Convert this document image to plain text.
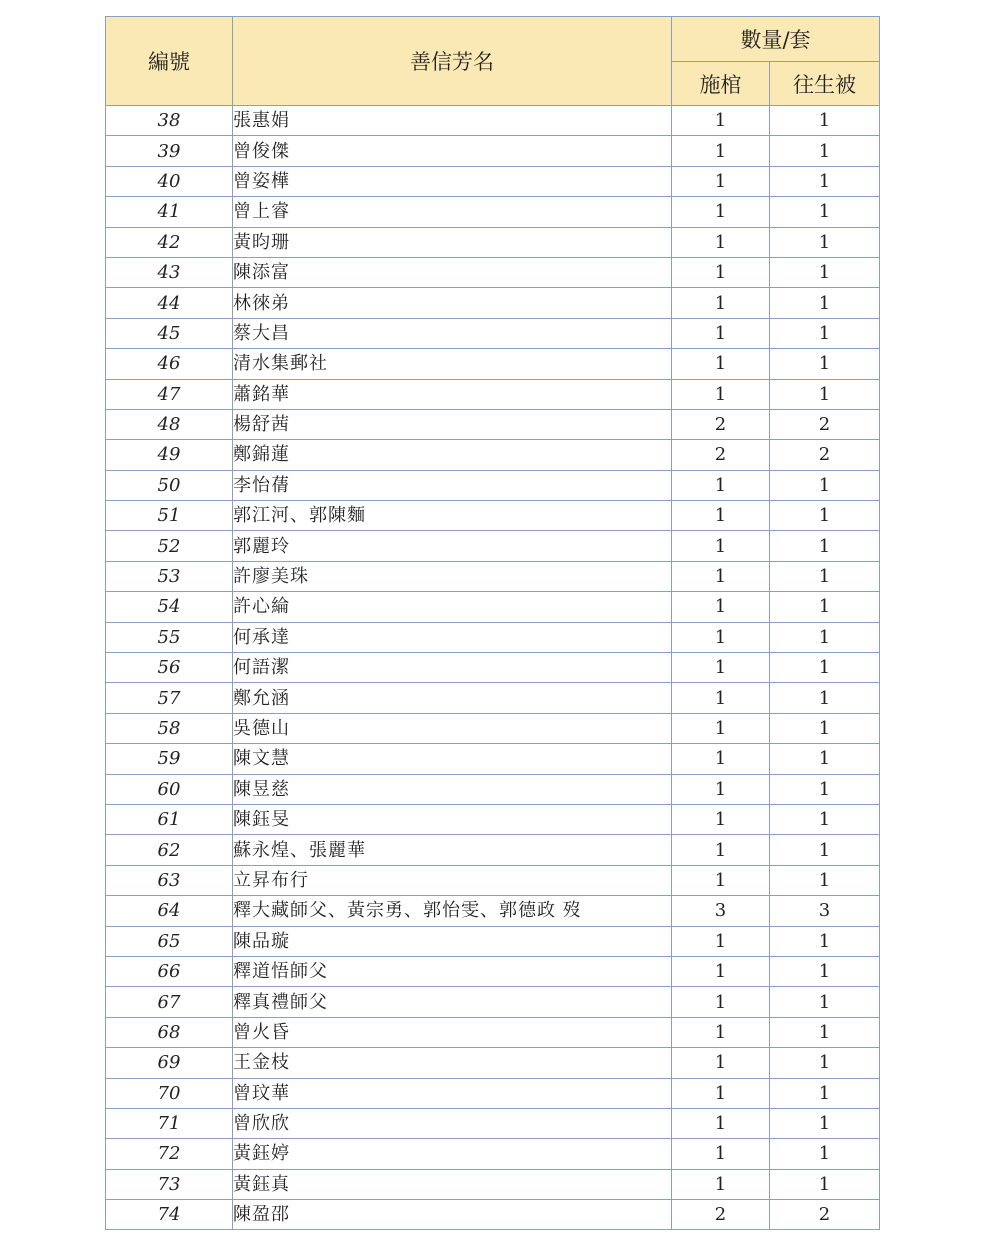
編號	善信芳名	數量/套	
		施棺	往生被
38	張惠娟	1	1
39	曾俊傑	1	1
40	曾姿樺	1	1
41	曾上睿	1	1
42	黃昀珊	1	1
43	陳添富	1	1
44	林徠弟	1	1
45	蔡大昌	1	1
46	清水集郵社	1	1
47	蕭銘華	1	1
48	楊舒茜	2	2
49	鄭錦蓮	2	2
50	李怡蒨	1	1
51	郭江河、郭陳麵	1	1
52	郭麗玲	1	1
53	許廖美珠	1	1
54	許心綸	1	1
55	何承達	1	1
56	何語潔	1	1
57	鄭允涵	1	1
58	吳德山	1	1
59	陳文慧	1	1
60	陳昱慈	1	1
61	陳鈺旻	1	1
62	蘇永煌、張麗華	1	1
63	立昇布行	1	1
64	釋大藏師父、黃宗勇、郭怡雯、郭德政 歿	3	3
65	陳品璇	1	1
66	釋道悟師父	1	1
67	釋真禮師父	1	1
68	曾火昏	1	1
69	王金枝	1	1
70	曾玟華	1	1
71	曾欣欣	1	1
72	黃鈺婷	1	1
73	黃鈺真	1	1
74	陳盈邵	2	2
